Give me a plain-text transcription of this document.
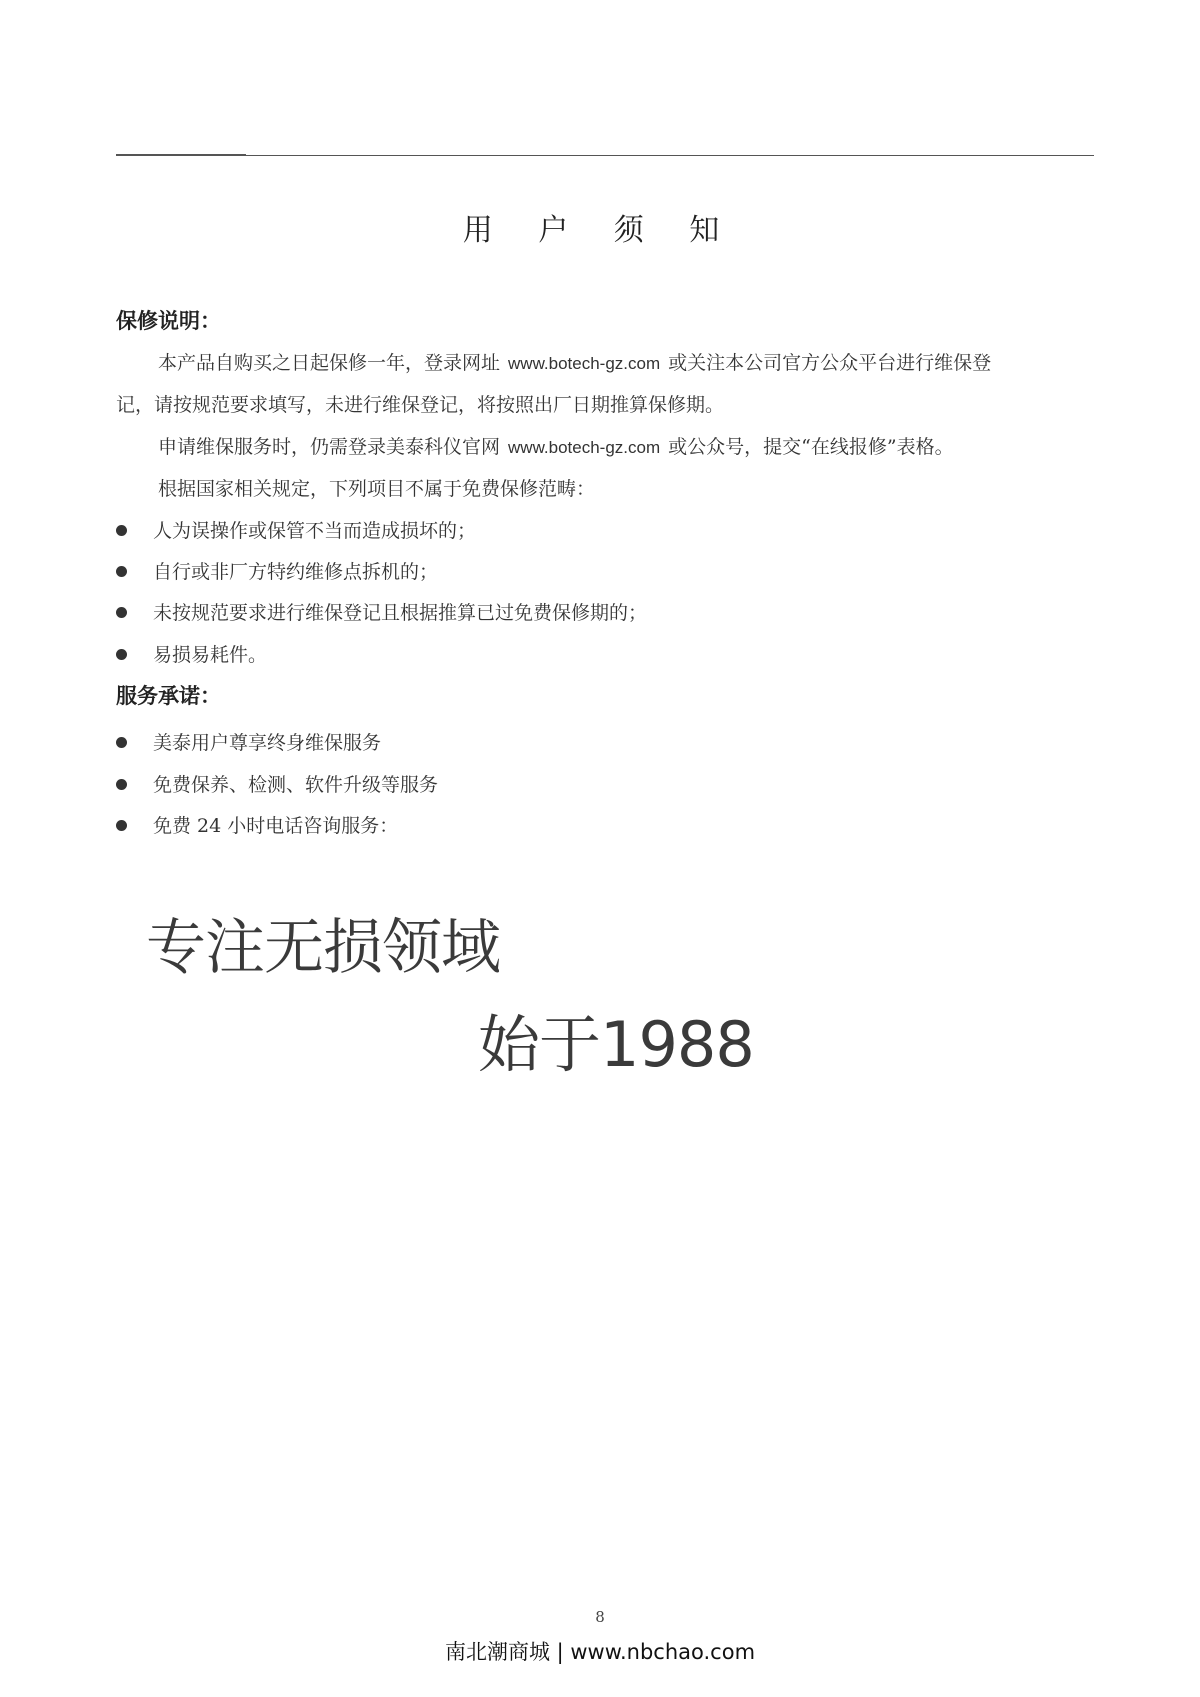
用 户 须 知
保修说明：
本产品自购买之日起保修一年，登录网址 www.botech-gz.com 或关注本公司官方公众平台进行维保登
记，请按规范要求填写，未进行维保登记，将按照出厂日期推算保修期。
申请维保服务时，仍需登录美泰科仪官网 www.botech-gz.com 或公众号，提交“在线报修”表格。
根据国家相关规定，下列项目不属于免费保修范畴：
人为误操作或保管不当而造成损坏的；
自行或非厂方特约维修点拆机的；
未按规范要求进行维保登记且根据推算已过免费保修期的；
易损易耗件。
服务承诺：
美泰用户尊享终身维保服务
免费保养、检测、软件升级等服务
免费 24 小时电话咨询服务：
专注无损领域
始于1988
8
南北潮商城 | www.nbchao.com
